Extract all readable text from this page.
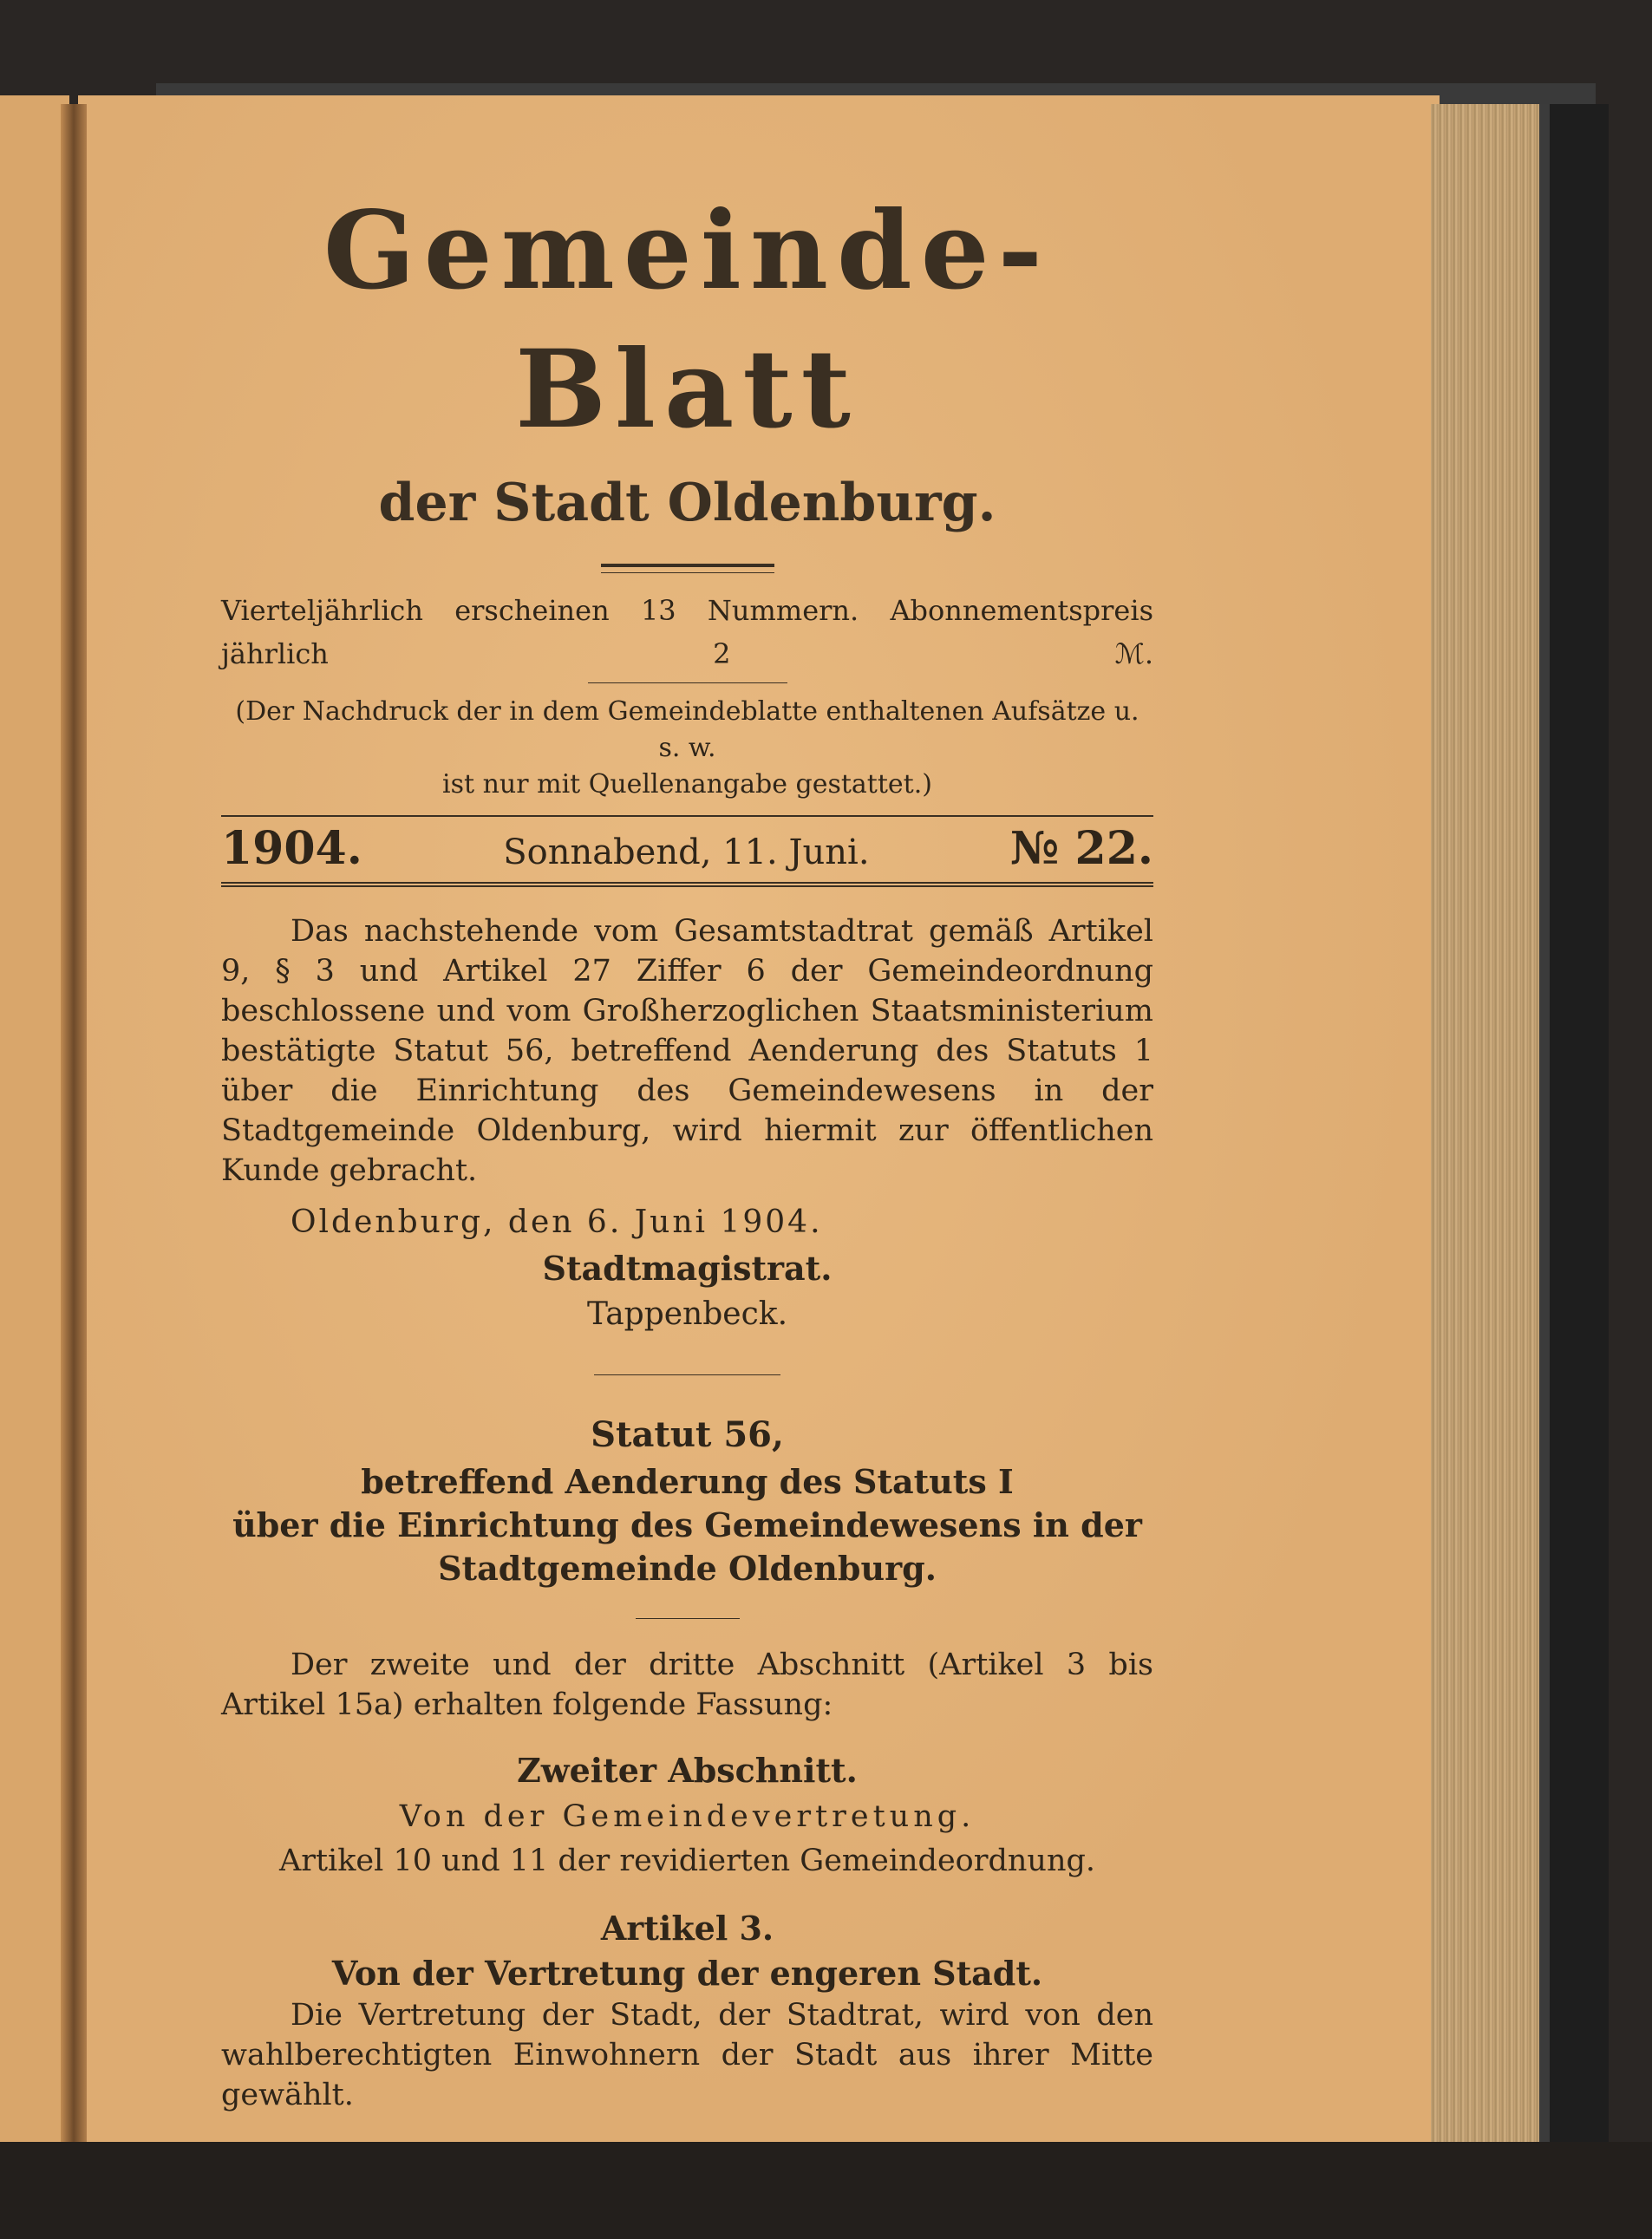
Gemeinde-Blatt

der Stadt Oldenburg.

Vierteljährlich erscheinen 13 Nummern. Abonnementspreis jährlich 2 ℳ.

(Der Nachdruck der in dem Gemeindeblatte enthaltenen Aufsätze u. s. w.

ist nur mit Quellenangabe gestattet.)

1904.	Sonnabend, 11. Juni.	№ 22.

Das nachstehende vom Gesamtstadtrat gemäß Artikel 9, § 3 und Artikel 27 Ziffer 6 der Gemeindeordnung beschlossene und vom Großherzoglichen Staatsministerium bestätigte Statut 56, betreffend Aenderung des Statuts 1 über die Einrichtung des Gemeindewesens in der Stadtgemeinde Oldenburg, wird hiermit zur öffentlichen Kunde gebracht.

Oldenburg, den 6. Juni 1904.

Stadtmagistrat.

Tappenbeck.

Statut 56,

betreffend Aenderung des Statuts I

über die Einrichtung des Gemeindewesens in der

Stadtgemeinde Oldenburg.

Der zweite und der dritte Abschnitt (Artikel 3 bis Artikel 15a) erhalten folgende Fassung:

Zweiter Abschnitt.

Von der Gemeindevertretung.

Artikel 10 und 11 der revidierten Gemeindeordnung.

Artikel 3.

Von der Vertretung der engeren Stadt.

Die Vertretung der Stadt, der Stadtrat, wird von den wahlberechtigten Einwohnern der Stadt aus ihrer Mitte gewählt.
